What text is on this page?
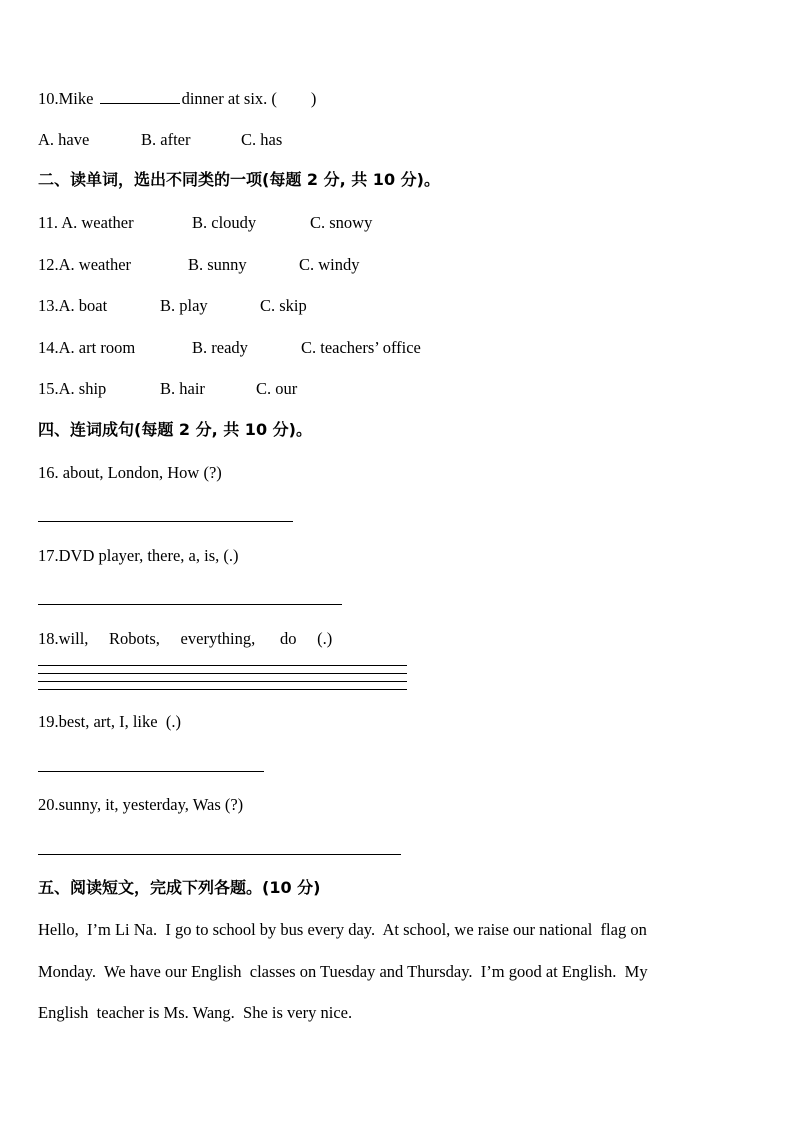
10.Mike	dinner at six. ( )
A. have	B. after	C. has
二、读单词，选出不同类的一项(每题 2 分, 共 10 分)。
11. A. weather	B. cloudy	C. snowy
12.A. weather	B. sunny	C. windy
13.A. boat	B. play	C. skip
14.A. art room	B. ready	C. teachers’ office
15.A. ship	B. hair	C. our
四、连词成句(每题 2 分, 共 10 分)。
16. about, London, How (?)
17.DVD player, there, a, is, (.)
18.will,     Robots,     everything,      do     (.)
19.best, art, I, like  (.)
20.sunny, it, yesterday, Was (?)
五、阅读短文，完成下列各题。(10 分)
Hello,  I’m Li Na.  I go to school by bus every day.  At school, we raise our national  flag on
Monday.  We have our English  classes on Tuesday and Thursday.  I’m good at English.  My
English  teacher is Ms. Wang.  She is very nice.
